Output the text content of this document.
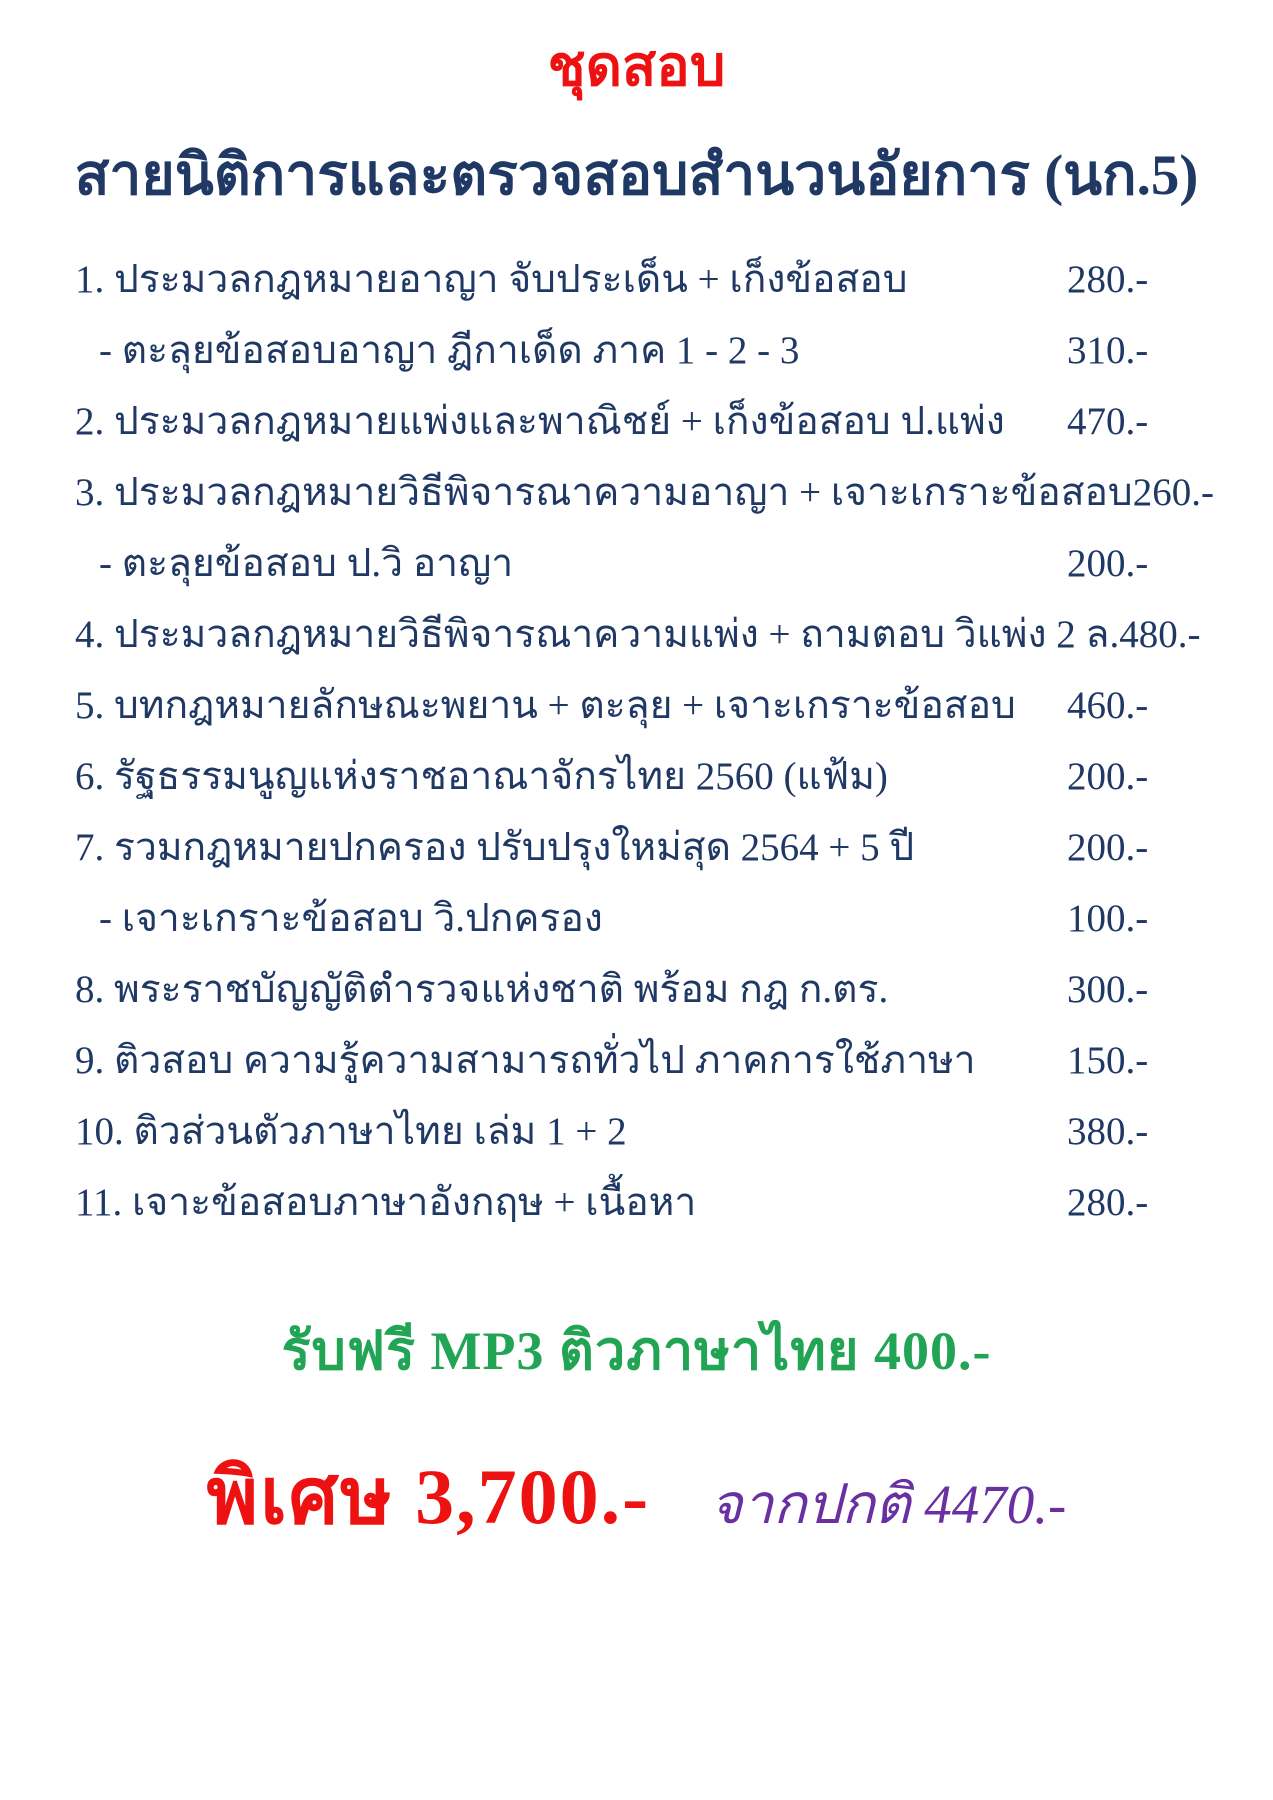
ชุดสอบ
สายนิติการและตรวจสอบสำนวนอัยการ (นก.5)
1. ประมวลกฎหมายอาญา จับประเด็น + เก็งข้อสอบ	280.-
- ตะลุยข้อสอบอาญา ฎีกาเด็ด ภาค 1 - 2 - 3	310.-
2. ประมวลกฎหมายแพ่งและพาณิชย์ + เก็งข้อสอบ ป.แพ่ง	470.-
3. ประมวลกฎหมายวิธีพิจารณาความอาญา + เจาะเกราะข้อสอบ 260.-
- ตะลุยข้อสอบ ป.วิ อาญา	200.-
4. ประมวลกฎหมายวิธีพิจารณาความแพ่ง + ถามตอบ วิแพ่ง 2 ล. 480.-
5. บทกฎหมายลักษณะพยาน + ตะลุย + เจาะเกราะข้อสอบ	460.-
6. รัฐธรรมนูญแห่งราชอาณาจักรไทย 2560 (แฟ้ม)	200.-
7. รวมกฎหมายปกครอง ปรับปรุงใหม่สุด 2564 + 5 ปี	200.-
- เจาะเกราะข้อสอบ วิ.ปกครอง	100.-
8. พระราชบัญญัติตำรวจแห่งชาติ พร้อม กฎ ก.ตร.	300.-
9. ติวสอบ ความรู้ความสามารถทั่วไป ภาคการใช้ภาษา	150.-
10. ติวส่วนตัวภาษาไทย เล่ม 1 + 2	380.-
11. เจาะข้อสอบภาษาอังกฤษ + เนื้อหา	280.-
รับฟรี MP3 ติวภาษาไทย 400.-
พิเศษ 3,700.- จากปกติ 4470.-
